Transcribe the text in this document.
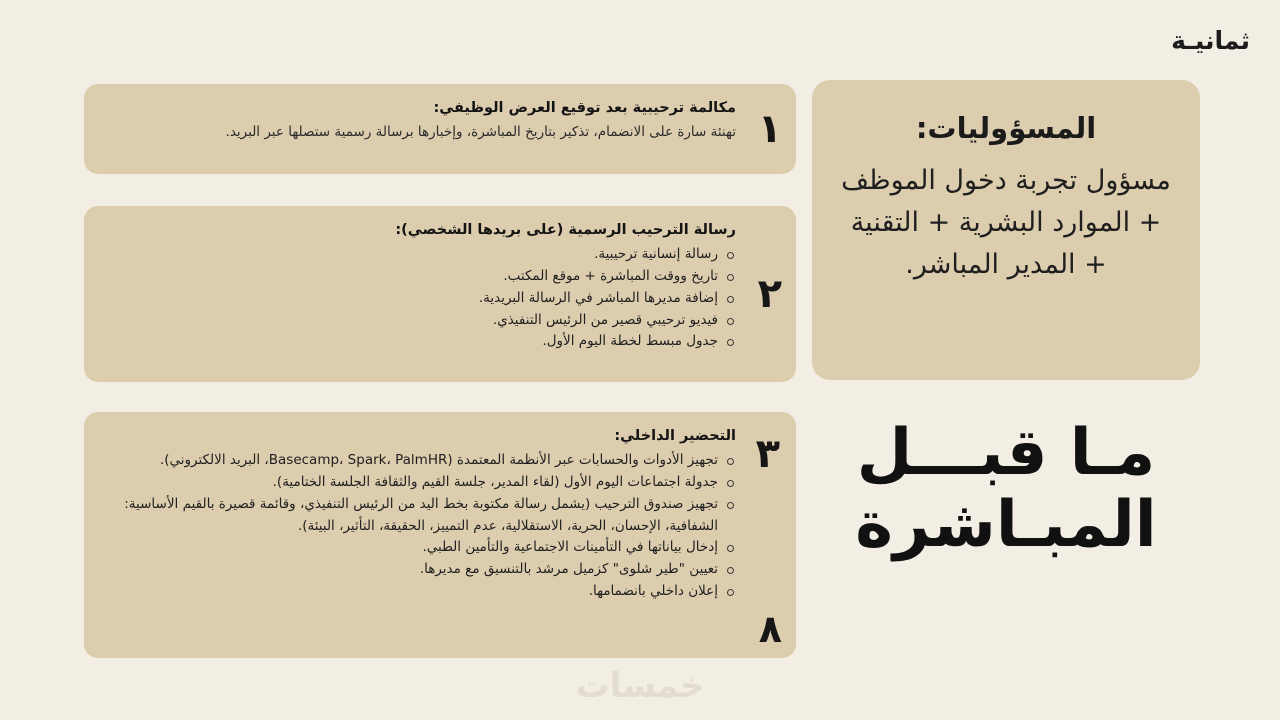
ثمانيـة
المسؤوليات:
مسؤول تجربة دخول الموظف + الموارد البشرية + التقنية + المدير المباشر.
مـا قبـــل
المبـاشرة
١
مكالمة ترحيبية بعد توقيع العرض الوظيفي:
تهنئة سارة على الانضمام، تذكير بتاريخ المباشرة، وإخبارها برسالة رسمية ستصلها عبر البريد.
٢
رسالة الترحيب الرسمية (على بريدها الشخصي):
رسالة إنسانية ترحيبية.
تاريخ ووقت المباشرة + موقع المكتب.
إضافة مديرها المباشر في الرسالة البريدية.
فيديو ترحيبي قصير من الرئيس التنفيذي.
جدول مبسط لخطة اليوم الأول.
٣
٨
التحضير الداخلي:
تجهيز الأدوات والحسابات عبر الأنظمة المعتمدة (Basecamp، Spark، PalmHR، البريد الالكتروني).
جدولة اجتماعات اليوم الأول (لقاء المدير، جلسة القيم والثقافة الجلسة الختامية).
تجهيز صندوق الترحيب (يشمل رسالة مكتوبة بخط اليد من الرئيس التنفيذي، وقائمة قصيرة بالقيم الأساسية: الشفافية، الإحسان، الحرية، الاستقلالية، عدم التمييز، الحقيقة، التأثير، البيئة).
إدخال بياناتها في التأمينات الاجتماعية والتأمين الطبي.
تعيين "طير شلوى" كزميل مرشد بالتنسيق مع مديرها.
إعلان داخلي بانضمامها.
خمسات
